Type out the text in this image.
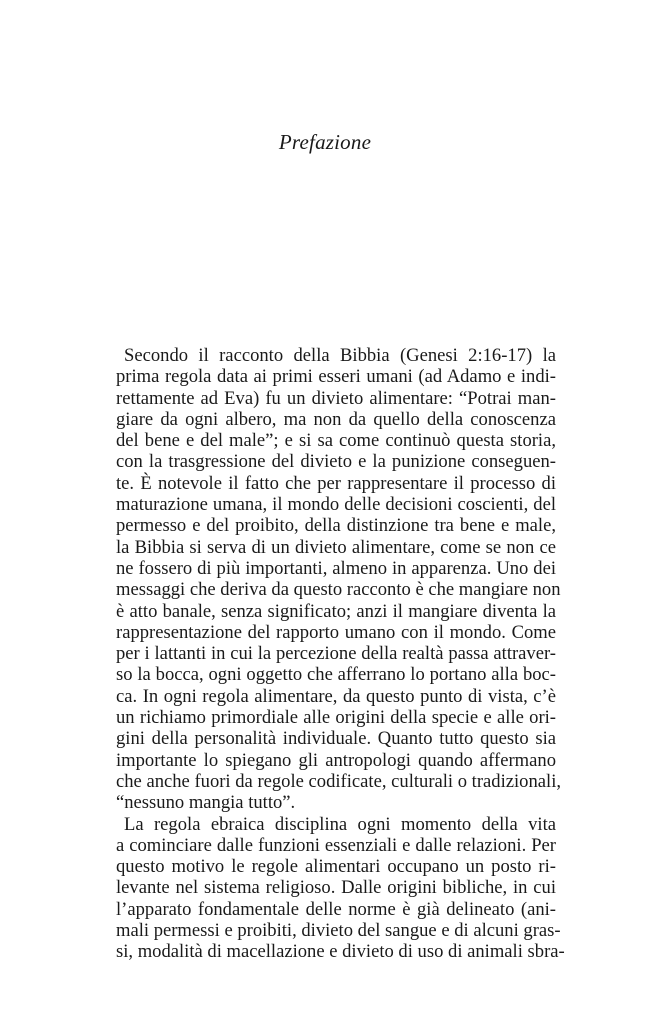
Prefazione
Secondo il racconto della Bibbia (Genesi 2:16-17) la
prima regola data ai primi esseri umani (ad Adamo e indi-
rettamente ad Eva) fu un divieto alimentare: “Potrai man-
giare da ogni albero, ma non da quello della conoscenza
del bene e del male”; e si sa come continuò questa storia,
con la trasgressione del divieto e la punizione conseguen-
te. È notevole il fatto che per rappresentare il processo di
maturazione umana, il mondo delle decisioni coscienti, del
permesso e del proibito, della distinzione tra bene e male,
la Bibbia si serva di un divieto alimentare, come se non ce
ne fossero di più importanti, almeno in apparenza. Uno dei
messaggi che deriva da questo racconto è che mangiare non
è atto banale, senza significato; anzi il mangiare diventa la
rappresentazione del rapporto umano con il mondo. Come
per i lattanti in cui la percezione della realtà passa attraver-
so la bocca, ogni oggetto che afferrano lo portano alla boc-
ca. In ogni regola alimentare, da questo punto di vista, c’è
un richiamo primordiale alle origini della specie e alle ori-
gini della personalità individuale. Quanto tutto questo sia
importante lo spiegano gli antropologi quando affermano
che anche fuori da regole codificate, culturali o tradizionali,
“nessuno mangia tutto”.
La regola ebraica disciplina ogni momento della vita
a cominciare dalle funzioni essenziali e dalle relazioni. Per
questo motivo le regole alimentari occupano un posto ri-
levante nel sistema religioso. Dalle origini bibliche, in cui
l’apparato fondamentale delle norme è già delineato (ani-
mali permessi e proibiti, divieto del sangue e di alcuni gras-
si, modalità di macellazione e divieto di uso di animali sbra-
